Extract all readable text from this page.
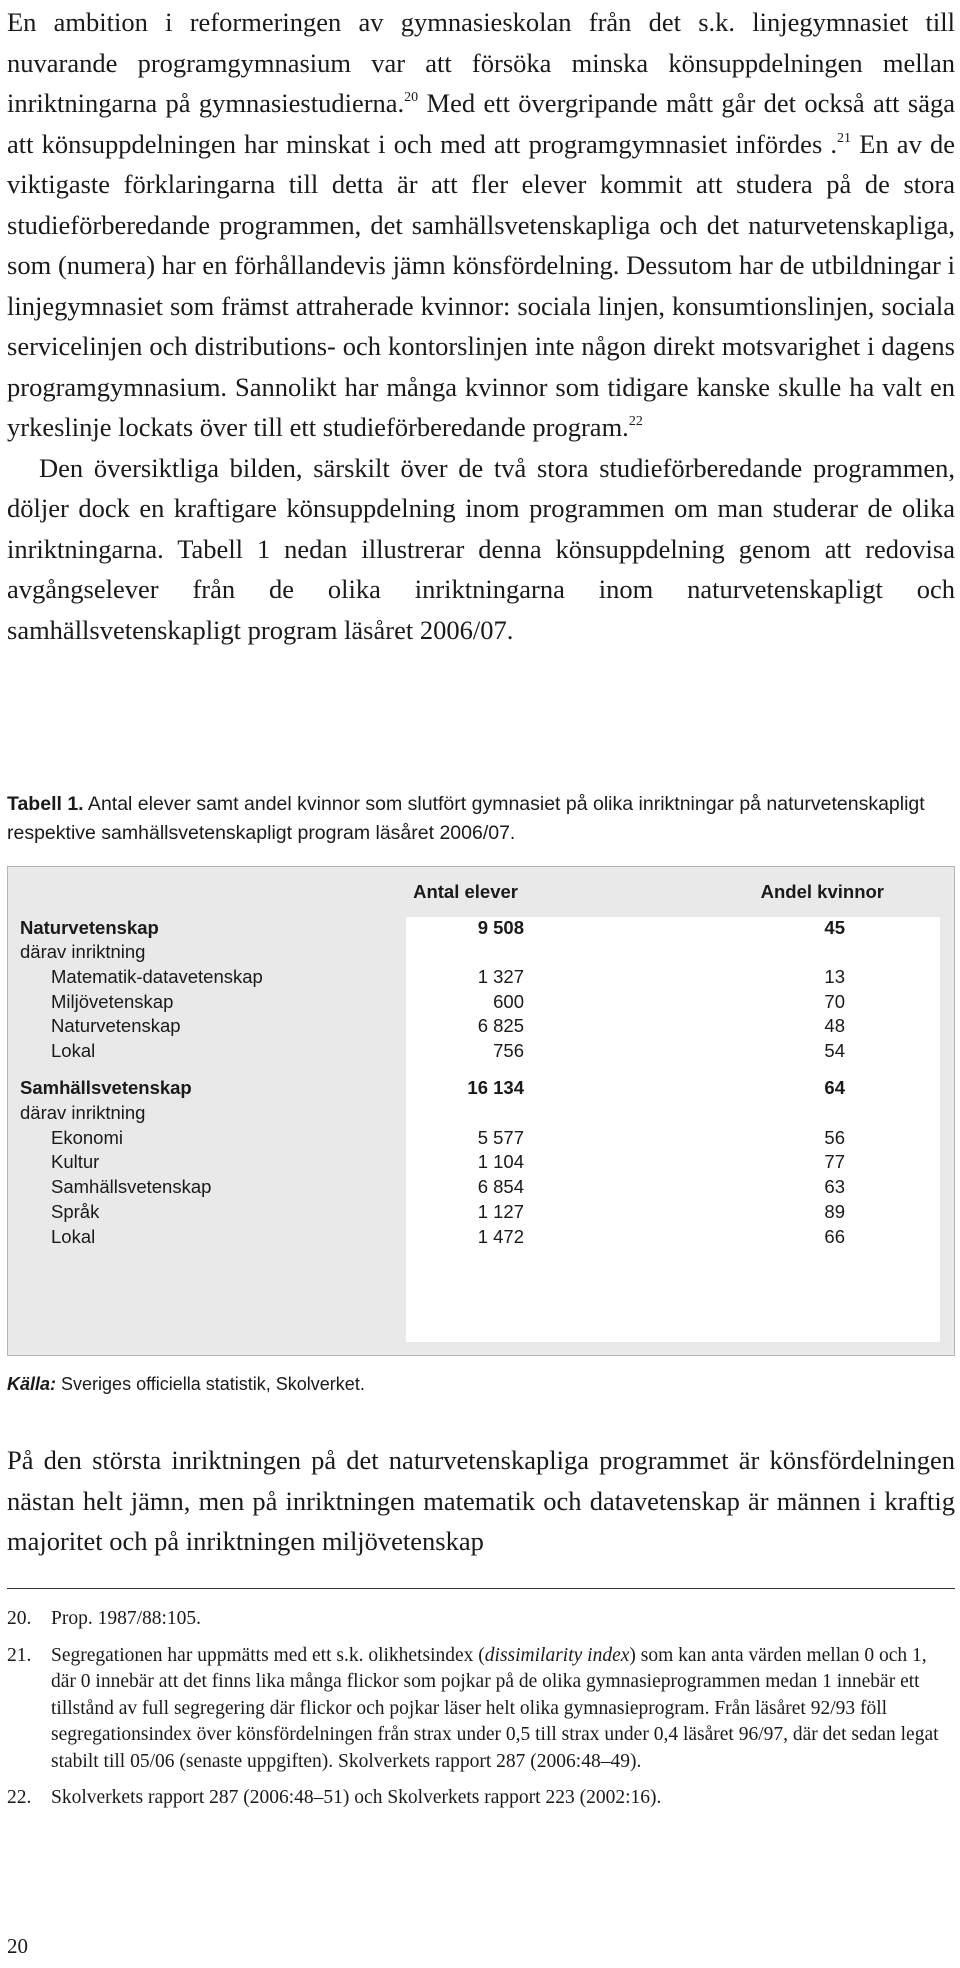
En ambition i reformeringen av gymnasieskolan från det s.k. linjegymnasiet till nuvarande programgymnasium var att försöka minska könsuppdelningen mellan inriktningarna på gymnasiestudierna.$^{20}$ Med ett övergripande mått går det också att säga att könsuppdelningen har minskat i och med att programgymnasiet infördes .$^{21}$ En av de viktigaste förklaringarna till detta är att fler elever kommit att studera på de stora studieförberedande programmen, det samhällsvetenskapliga och det naturvetenskapliga, som (numera) har en förhållandevis jämn könsfördelning. Dessutom har de utbildningar i linjegymnasiet som främst attraherade kvinnor: sociala linjen, konsumtionslinjen, sociala servicelinjen och distributions- och kontorslinjen inte någon direkt motsvarighet i dagens programgymnasium. Sannolikt har många kvinnor som tidigare kanske skulle ha valt en yrkeslinje lockats över till ett studieförberedande program.$^{22}$

Den översiktliga bilden, särskilt över de två stora studieförberedande programmen, döljer dock en kraftigare könsuppdelning inom programmen om man studerar de olika inriktningarna. Tabell 1 nedan illustrerar denna könsuppdelning genom att redovisa avgångselever från de olika inriktningarna inom naturvetenskapligt och samhällsvetenskapligt program läsåret 2006/07.

Tabell 1. Antal elever samt andel kvinnor som slutfört gymnasiet på olika inriktningar på naturvetenskapligt respektive samhällsvetenskapligt program läsåret 2006/07.
Antal elever	Andel kvinnor
Naturvetenskap	9 508	45
därav inriktning
Matematik-datavetenskap	1 327	13
Miljövetenskap	600	70
Naturvetenskap	6 825	48
Lokal	756	54
Samhällsvetenskap	16 134	64
därav inriktning
Ekonomi	5 577	56
Kultur	1 104	77
Samhällsvetenskap	6 854	63
Språk	1 127	89
Lokal	1 472	66
Källa: Sveriges officiella statistik, Skolverket.

På den största inriktningen på det naturvetenskapliga programmet är könsfördelningen nästan helt jämn, men på inriktningen matematik och datavetenskap är männen i kraftig majoritet och på inriktningen miljövetenskap

20. Prop. 1987/88:105.
21. Segregationen har uppmätts med ett s.k. olikhetsindex (dissimilarity index) som kan anta värden mellan 0 och 1, där 0 innebär att det finns lika många flickor som pojkar på de olika gymnasieprogrammen medan 1 innebär ett tillstånd av full segregering där flickor och pojkar läser helt olika gymnasieprogram. Från läsåret 92/93 föll segregationsindex över könsfördelningen från strax under 0,5 till strax under 0,4 läsåret 96/97, där det sedan legat stabilt till 05/06 (senaste uppgiften). Skolverkets rapport 287 (2006:48–49).
22. Skolverkets rapport 287 (2006:48–51) och Skolverkets rapport 223 (2002:16).
20
